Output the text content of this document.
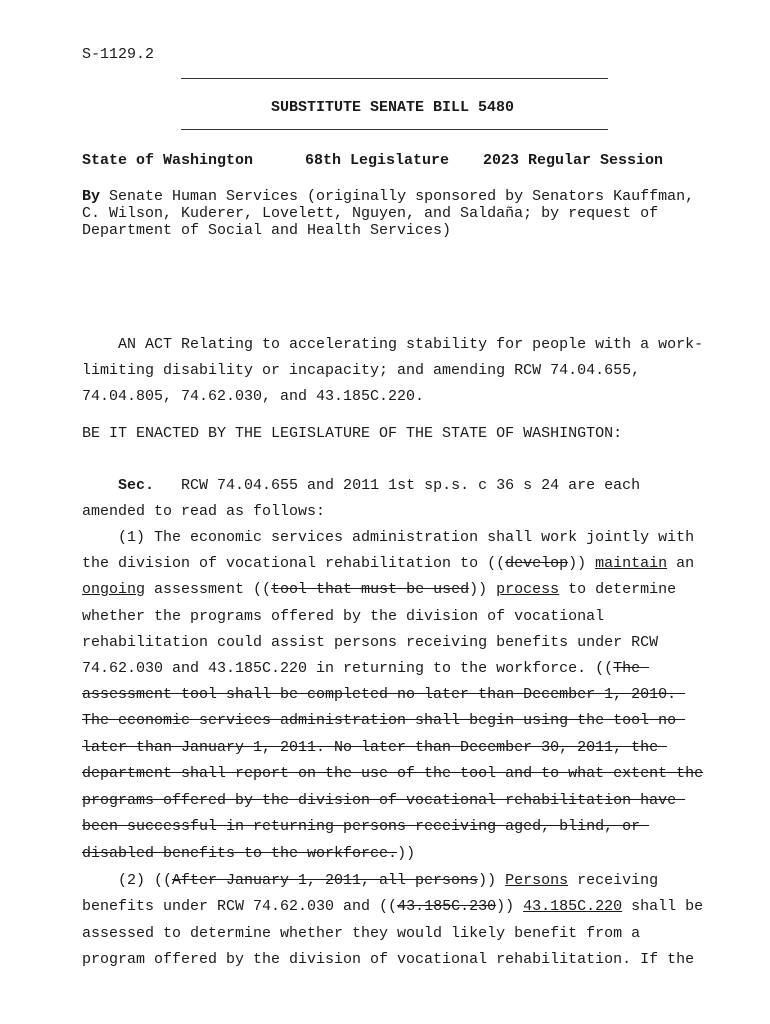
S-1129.2
SUBSTITUTE SENATE BILL 5480
State of Washington	68th Legislature 2023 Regular Session
By Senate Human Services (originally sponsored by Senators Kauffman,
C. Wilson, Kuderer, Lovelett, Nguyen, and Saldaña; by request of
Department of Social and Health Services)
AN ACT Relating to accelerating stability for people with a work-
limiting disability or incapacity; and amending RCW 74.04.655,
74.04.805, 74.62.030, and 43.185C.220.
BE IT ENACTED BY THE LEGISLATURE OF THE STATE OF WASHINGTON:
Sec.   RCW 74.04.655 and 2011 1st sp.s. c 36 s 24 are each
amended to read as follows:
(1) The economic services administration shall work jointly with
the division of vocational rehabilitation to ((develop)) maintain an
ongoing assessment ((tool that must be used)) process to determine
whether the programs offered by the division of vocational
rehabilitation could assist persons receiving benefits under RCW
74.62.030 and 43.185C.220 in returning to the workforce. ((The
assessment tool shall be completed no later than December 1, 2010.
The economic services administration shall begin using the tool no
later than January 1, 2011. No later than December 30, 2011, the
department shall report on the use of the tool and to what extent the
programs offered by the division of vocational rehabilitation have
been successful in returning persons receiving aged, blind, or
disabled benefits to the workforce.))
(2) ((After January 1, 2011, all persons)) Persons receiving
benefits under RCW 74.62.030 and ((43.185C.230)) 43.185C.220 shall be
assessed to determine whether they would likely benefit from a
program offered by the division of vocational rehabilitation. If the
